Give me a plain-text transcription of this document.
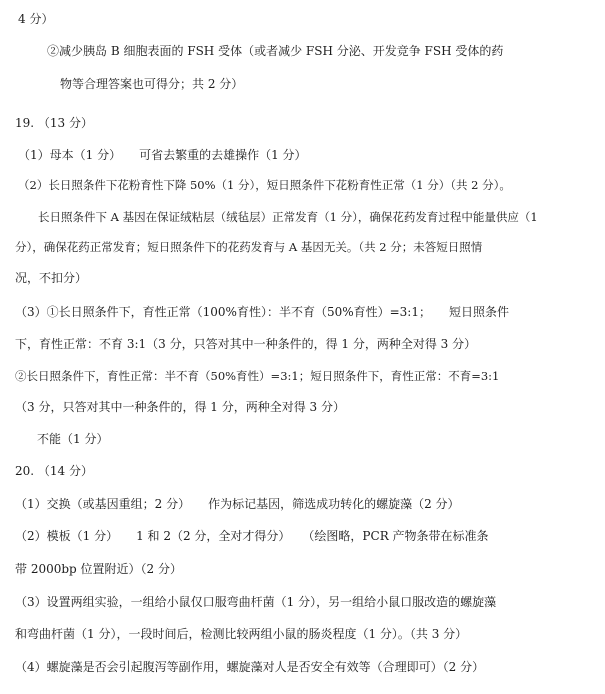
4 分）
②减少胰岛 B 细胞表面的 FSH 受体（或者减少 FSH 分泌、开发竞争 FSH 受体的药
物等合理答案也可得分；共 2 分）
19. （13 分）
（1）母本（1 分）　　可省去繁重的去雄操作（1 分）
（2）长日照条件下花粉育性下降 50%（1 分），短日照条件下花粉育性正常（1 分）（共 2 分）。
长日照条件下 A 基因在保证绒粘层（绒毡层）正常发育（1 分），确保花药发育过程中能量供应（1
分），确保花药正常发育；短日照条件下的花药发育与 A 基因无关。（共 2 分；未答短日照情
况，不扣分）
（3）①长日照条件下，育性正常（100%育性）：半不育（50%育性）=3:1；　　短日照条件
下，育性正常：不育 3:1（3 分，只答对其中一种条件的，得 1 分，两种全对得 3 分）
②长日照条件下，育性正常：半不育（50%育性）=3:1；短日照条件下，育性正常：不育=3:1
（3 分，只答对其中一种条件的，得 1 分，两种全对得 3 分）
不能（1 分）
20. （14 分）
（1）交换（或基因重组；2 分）　　作为标记基因，筛选成功转化的螺旋藻（2 分）
（2）模板（1 分）　　1 和 2（2 分，全对才得分）　　（绘图略，PCR 产物条带在标准条
带 2000bp 位置附近）（2 分）
（3）设置两组实验，一组给小鼠仅口服弯曲杆菌（1 分），另一组给小鼠口服改造的螺旋藻
和弯曲杆菌（1 分），一段时间后，检测比较两组小鼠的肠炎程度（1 分）。（共 3 分）
（4）螺旋藻是否会引起腹泻等副作用，螺旋藻对人是否安全有效等（合理即可）（2 分）
